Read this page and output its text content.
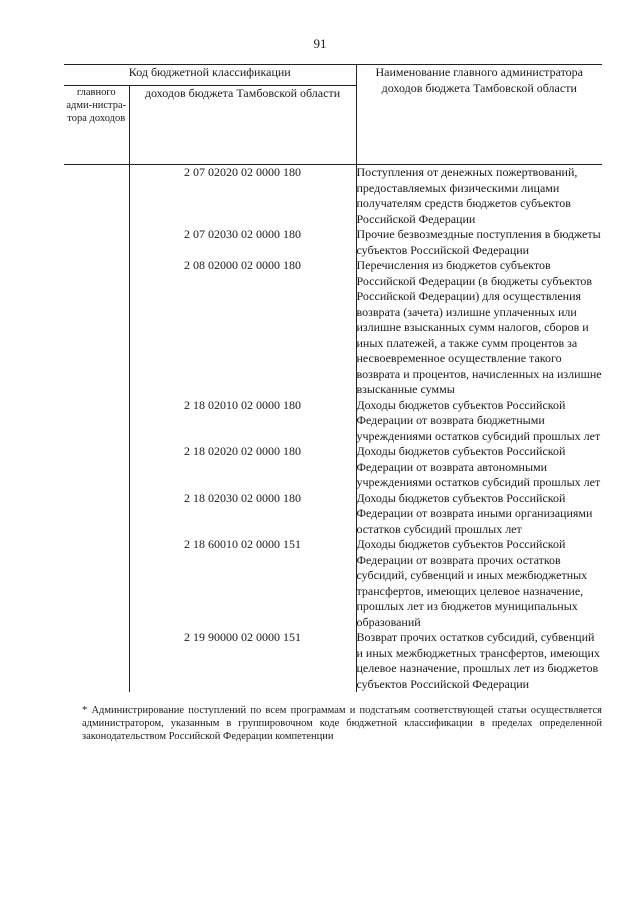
91
Код бюджетной классификации		Наименование главного администратора доходов бюджета Тамбовской области
главного адми-нистра-тора доходов	доходов бюджета Тамбовской области	
	2 07 02020 02 0000 180	Поступления от денежных пожертвований, предоставляемых физическими лицами получателям средств бюджетов субъектов Российской Федерации
	2 07 02030 02 0000 180	Прочие безвозмездные поступления в бюджеты субъектов Российской Федерации
	2 08 02000 02 0000 180	Перечисления из бюджетов субъектов Российской Федерации (в бюджеты субъектов Российской Федерации) для осуществления возврата (зачета) излишне уплаченных или излишне взысканных сумм налогов, сборов и иных платежей, а также сумм процентов за несвоевременное осуществление такого возврата и процентов, начисленных на излишне взысканные суммы
	2 18 02010 02 0000 180	Доходы бюджетов субъектов Российской Федерации от возврата бюджетными учреждениями остатков субсидий прошлых лет
	2 18 02020 02 0000 180	Доходы бюджетов субъектов Российской Федерации от возврата автономными учреждениями остатков субсидий прошлых лет
	2 18 02030 02 0000 180	Доходы бюджетов субъектов Российской Федерации от возврата иными организациями остатков субсидий прошлых лет
	2 18 60010 02 0000 151	Доходы бюджетов субъектов Российской Федерации от возврата прочих остатков субсидий, субвенций и иных межбюджетных трансфертов, имеющих целевое назначение, прошлых лет из бюджетов муниципальных образований
	2 19 90000 02 0000 151	Возврат прочих остатков субсидий, субвенций и иных межбюджетных трансфертов, имеющих целевое назначение, прошлых лет из бюджетов субъектов Российской Федерации
* Администрирование поступлений по всем программам и подстатьям соответствующей статьи осуществляется администратором, указанным в группировочном коде бюджетной классификации в пределах определенной законодательством Российской Федерации компетенции
